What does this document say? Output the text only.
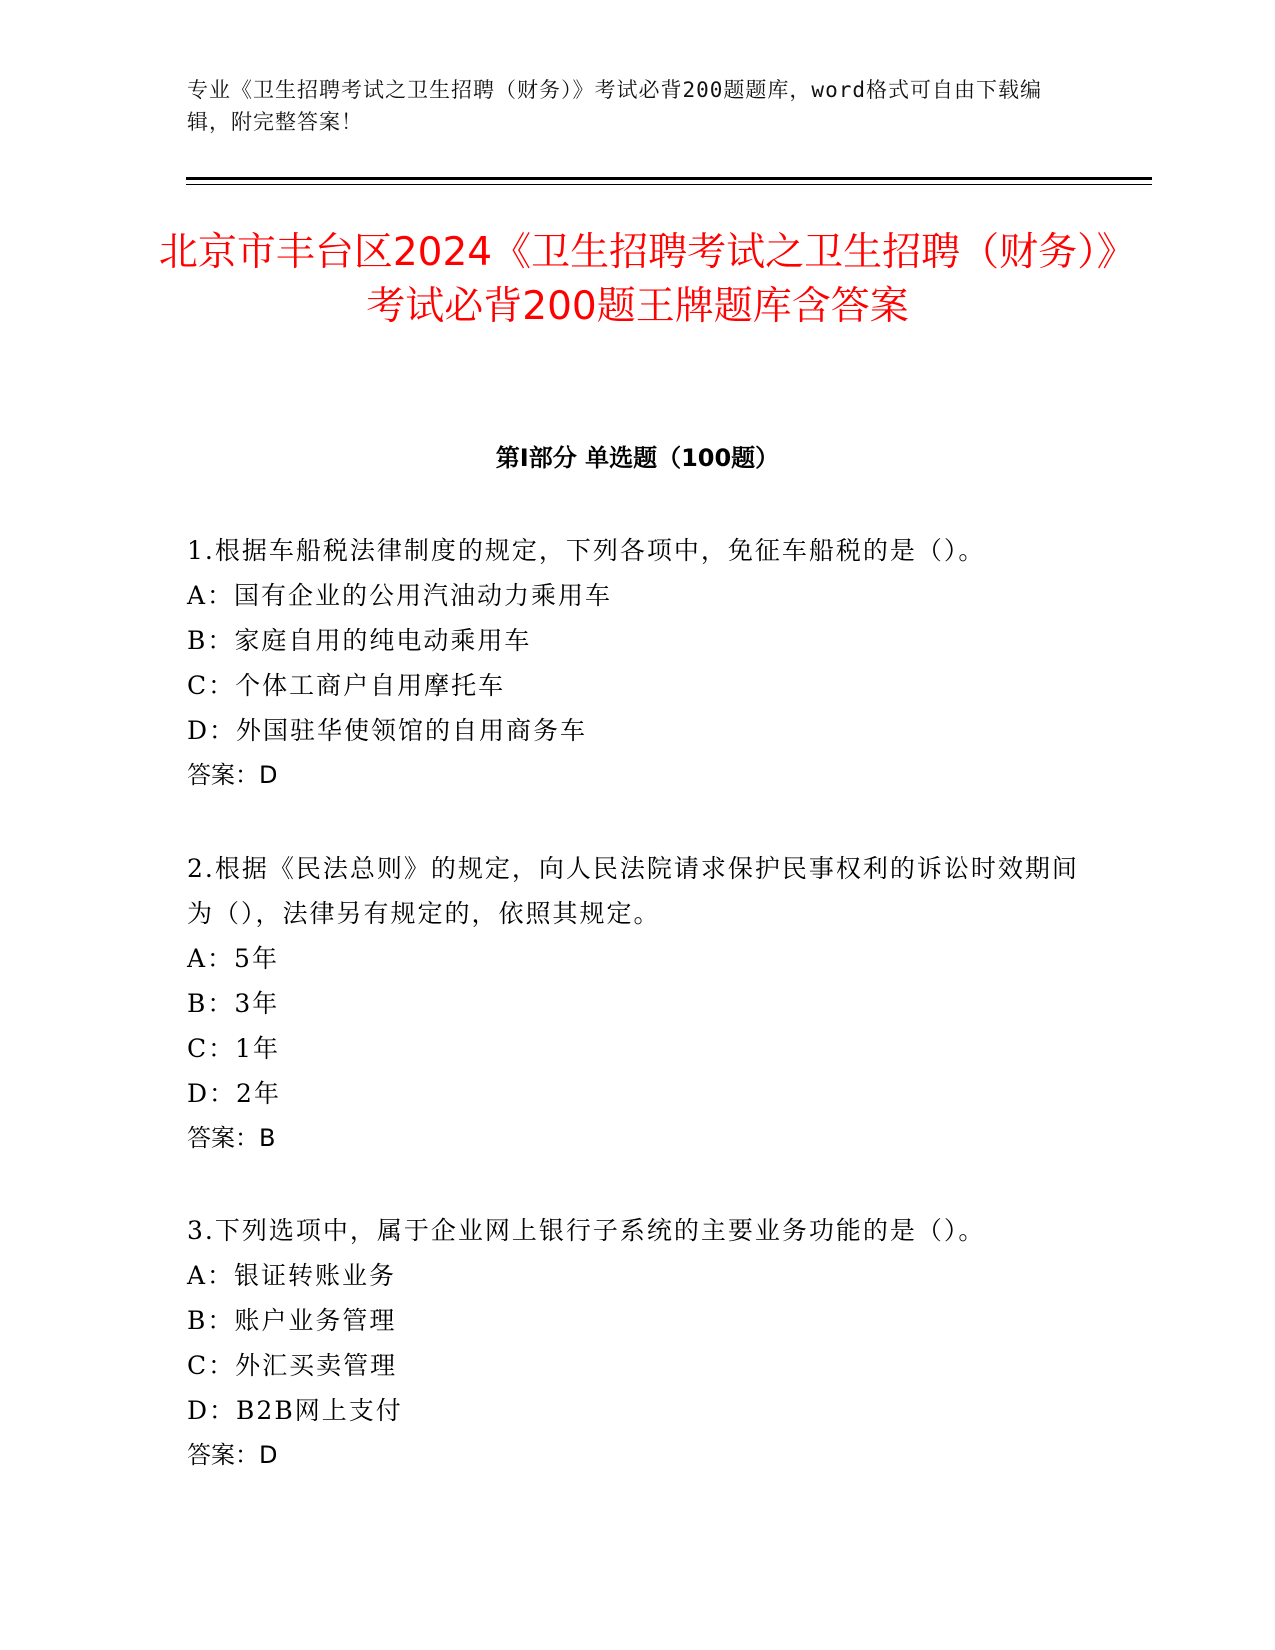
专业《卫生招聘考试之卫生招聘（财务）》考试必背200题题库，word格式可自由下载编辑，附完整答案！
北京市丰台区2024《卫生招聘考试之卫生招聘（财务）》考试必背200题王牌题库含答案
第I部分 单选题（100题）

1.根据车船税法律制度的规定，下列各项中，免征车船税的是（）。

A：国有企业的公用汽油动力乘用车

B：家庭自用的纯电动乘用车

C：个体工商户自用摩托车

D：外国驻华使领馆的自用商务车

答案：D

2.根据《民法总则》的规定，向人民法院请求保护民事权利的诉讼时效期间为（），法律另有规定的，依照其规定。

A：5年

B：3年

C：1年

D：2年

答案：B

3.下列选项中，属于企业网上银行子系统的主要业务功能的是（）。

A：银证转账业务

B：账户业务管理

C：外汇买卖管理

D：B2B网上支付

答案：D
